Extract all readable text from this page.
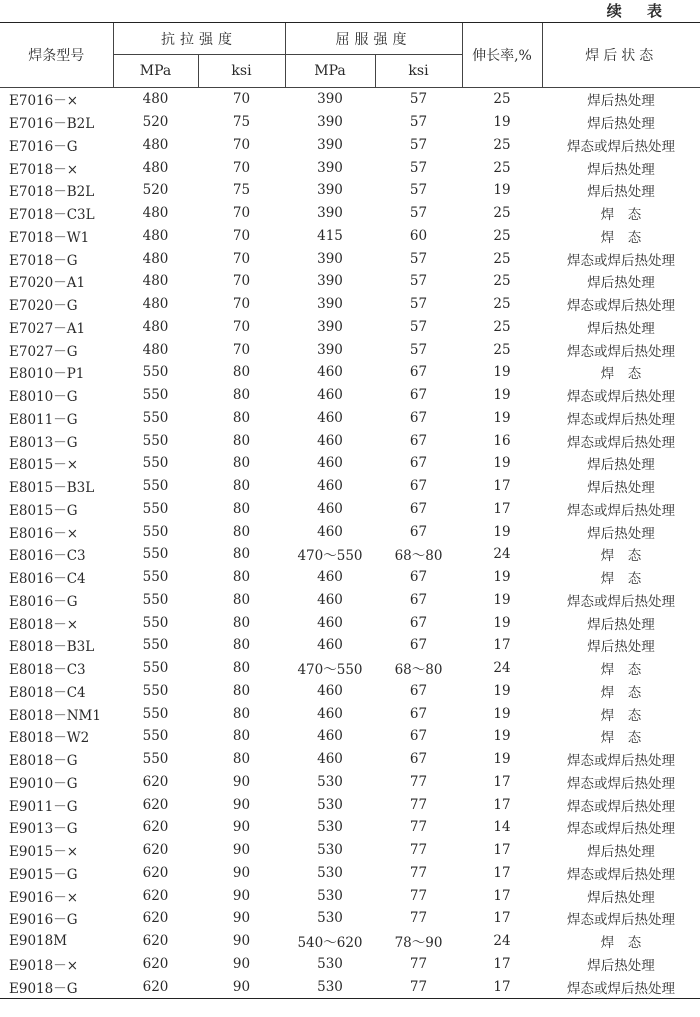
续 表
焊条型号	抗拉强度		屈服强度		伸长率,%	焊后状态
	MPa	ksi	MPa	ksi		
E7016－×	480	70	390	57	25	焊后热处理
E7016－B2L	520	75	390	57	19	焊后热处理
E7016－G	480	70	390	57	25	焊态或焊后热处理
E7018－×	480	70	390	57	25	焊后热处理
E7018－B2L	520	75	390	57	19	焊后热处理
E7018－C3L	480	70	390	57	25	焊　态
E7018－W1	480	70	415	60	25	焊　态
E7018－G	480	70	390	57	25	焊态或焊后热处理
E7020－A1	480	70	390	57	25	焊后热处理
E7020－G	480	70	390	57	25	焊态或焊后热处理
E7027－A1	480	70	390	57	25	焊后热处理
E7027－G	480	70	390	57	25	焊态或焊后热处理
E8010－P1	550	80	460	67	19	焊　态
E8010－G	550	80	460	67	19	焊态或焊后热处理
E8011－G	550	80	460	67	19	焊态或焊后热处理
E8013－G	550	80	460	67	16	焊态或焊后热处理
E8015－×	550	80	460	67	19	焊后热处理
E8015－B3L	550	80	460	67	17	焊后热处理
E8015－G	550	80	460	67	17	焊态或焊后热处理
E8016－×	550	80	460	67	19	焊后热处理
E8016－C3	550	80	470～550	68～80	24	焊　态
E8016－C4	550	80	460	67	19	焊　态
E8016－G	550	80	460	67	19	焊态或焊后热处理
E8018－×	550	80	460	67	19	焊后热处理
E8018－B3L	550	80	460	67	17	焊后热处理
E8018－C3	550	80	470～550	68～80	24	焊　态
E8018－C4	550	80	460	67	19	焊　态
E8018－NM1	550	80	460	67	19	焊　态
E8018－W2	550	80	460	67	19	焊　态
E8018－G	550	80	460	67	19	焊态或焊后热处理
E9010－G	620	90	530	77	17	焊态或焊后热处理
E9011－G	620	90	530	77	17	焊态或焊后热处理
E9013－G	620	90	530	77	14	焊态或焊后热处理
E9015－×	620	90	530	77	17	焊后热处理
E9015－G	620	90	530	77	17	焊态或焊后热处理
E9016－×	620	90	530	77	17	焊后热处理
E9016－G	620	90	530	77	17	焊态或焊后热处理
E9018M	620	90	540～620	78～90	24	焊　态
E9018－×	620	90	530	77	17	焊后热处理
E9018－G	620	90	530	77	17	焊态或焊后热处理
